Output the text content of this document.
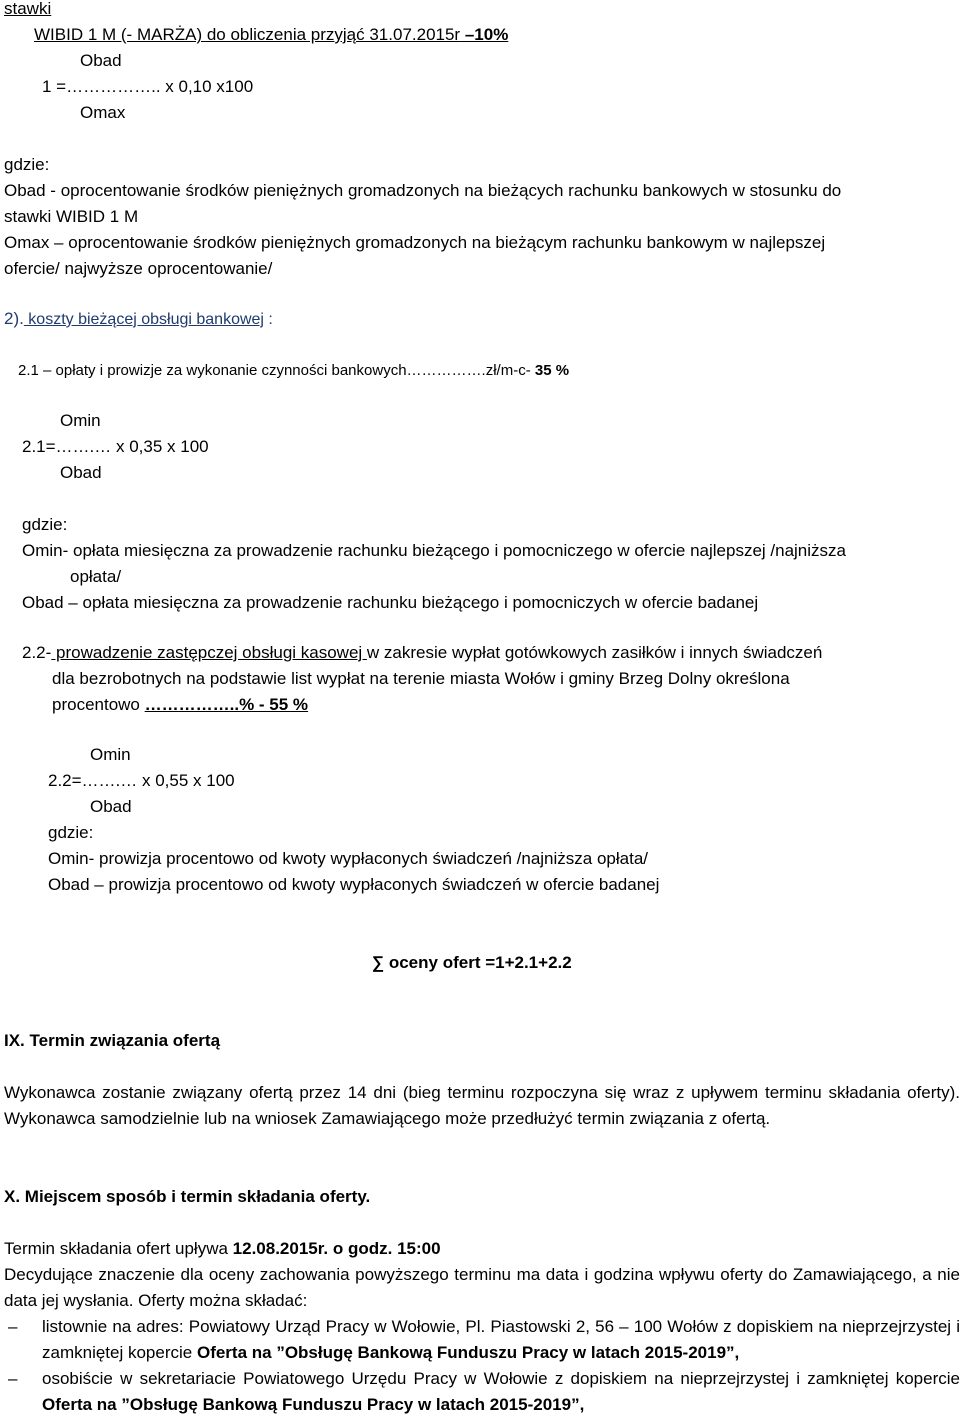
stawki
WIBID 1 M (- MARŻA) do obliczenia przyjąć 31.07.2015r –10%
Obad
1 =…………….. x 0,10 x100
Omax
gdzie:
Obad - oprocentowanie środków pieniężnych gromadzonych na bieżących rachunku bankowych w stosunku do
stawki WIBID 1 M
Omax – oprocentowanie środków pieniężnych gromadzonych na bieżącym rachunku bankowym w najlepszej
ofercie/ najwyższe oprocentowanie/
2). koszty bieżącej obsługi bankowej :
2.1 – opłaty i prowizje za wykonanie czynności bankowych…………….zł/m-c- 35 %
Omin
2.1=…….… x 0,35 x 100
Obad
gdzie:
Omin- opłata miesięczna za prowadzenie rachunku bieżącego i pomocniczego w ofercie najlepszej /najniższa
opłata/
Obad – opłata miesięczna za prowadzenie rachunku bieżącego i pomocniczych w ofercie badanej
2.2- prowadzenie zastępczej obsługi kasowej w zakresie wypłat gotówkowych zasiłków i innych świadczeń
dla bezrobotnych na podstawie list wypłat na terenie miasta Wołów i gminy Brzeg Dolny określona
procentowo ……………..% - 55 %
Omin
2.2=…….… x 0,55 x 100
Obad
gdzie:
Omin- prowizja procentowo od kwoty wypłaconych świadczeń /najniższa opłata/
Obad – prowizja procentowo od kwoty wypłaconych świadczeń w ofercie badanej
∑ oceny ofert =1+2.1+2.2
IX. Termin związania ofertą
Wykonawca zostanie związany ofertą przez 14 dni (bieg terminu rozpoczyna się wraz z upływem terminu składania oferty). Wykonawca samodzielnie lub na wniosek Zamawiającego może przedłużyć termin związania z ofertą.
X. Miejscem sposób i termin składania oferty.
Termin składania ofert upływa 12.08.2015r. o godz. 15:00
Decydujące znaczenie dla oceny zachowania powyższego terminu ma data i godzina wpływu oferty do Zamawiającego, a nie data jej wysłania. Oferty można składać:
– listownie na adres: Powiatowy Urząd Pracy w Wołowie, Pl. Piastowski 2, 56 – 100 Wołów z dopiskiem na nieprzejrzystej i zamkniętej kopercie Oferta na ”Obsługę Bankową Funduszu Pracy w latach 2015-2019”,
– osobiście w sekretariacie Powiatowego Urzędu Pracy w Wołowie z dopiskiem na nieprzejrzystej i zamkniętej kopercie Oferta na ”Obsługę Bankową Funduszu Pracy w latach 2015-2019”,
